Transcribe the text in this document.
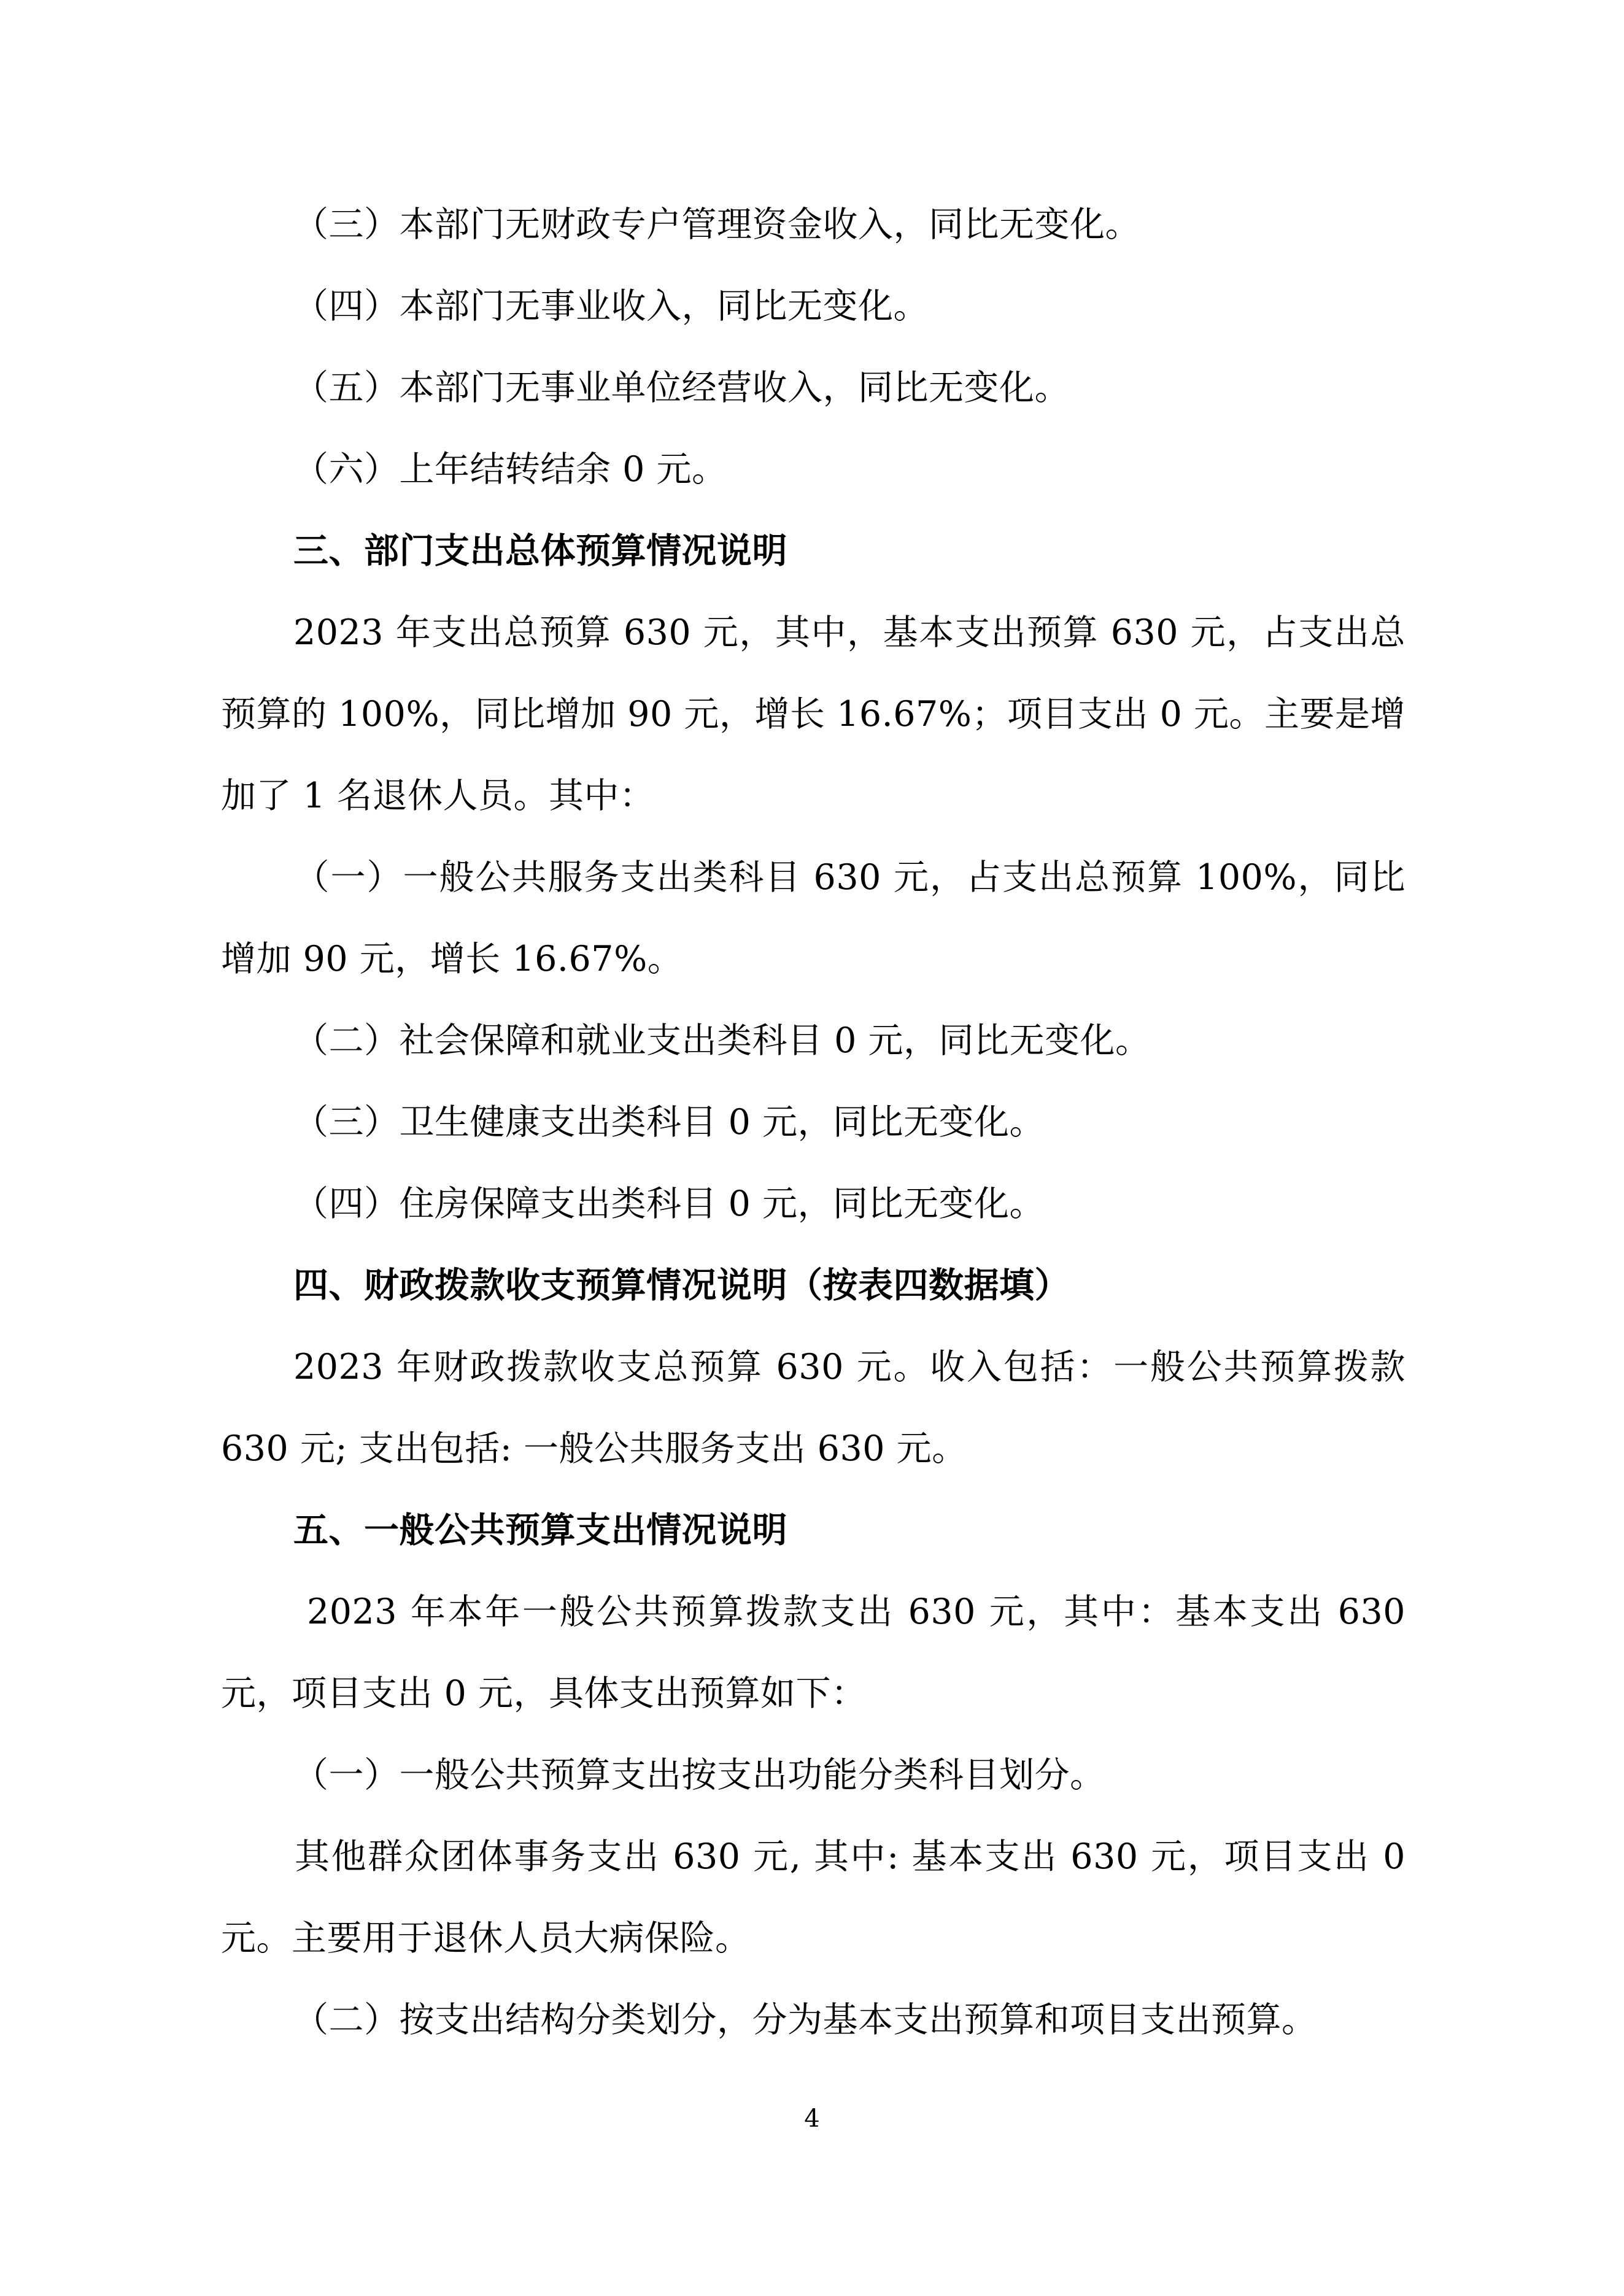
（三）本部门无财政专户管理资金收入，同比无变化。

（四）本部门无事业收入，同比无变化。

（五）本部门无事业单位经营收入，同比无变化。

（六）上年结转结余 0 元。

三、部门支出总体预算情况说明

2023 年支出总预算 630 元，其中，基本支出预算 630 元，占支出总预算的 100%，同比增加 90 元，增长 16.67%；项目支出 0 元。主要是增加了 1 名退休人员。其中：

（一）一般公共服务支出类科目 630 元，占支出总预算 100%，同比增加 90 元，增长 16.67%。

（二）社会保障和就业支出类科目 0 元，同比无变化。

（三）卫生健康支出类科目 0 元，同比无变化。

（四）住房保障支出类科目 0 元，同比无变化。

四、财政拨款收支预算情况说明（按表四数据填）

2023 年财政拨款收支总预算 630 元。收入包括：一般公共预算拨款 630 元; 支出包括: 一般公共服务支出 630 元。

五、一般公共预算支出情况说明

2023 年本年一般公共预算拨款支出 630 元，其中：基本支出 630 元，项目支出 0 元，具体支出预算如下：

（一）一般公共预算支出按支出功能分类科目划分。

其他群众团体事务支出 630 元, 其中: 基本支出 630 元，项目支出 0 元。主要用于退休人员大病保险。

（二）按支出结构分类划分，分为基本支出预算和项目支出预算。

4
